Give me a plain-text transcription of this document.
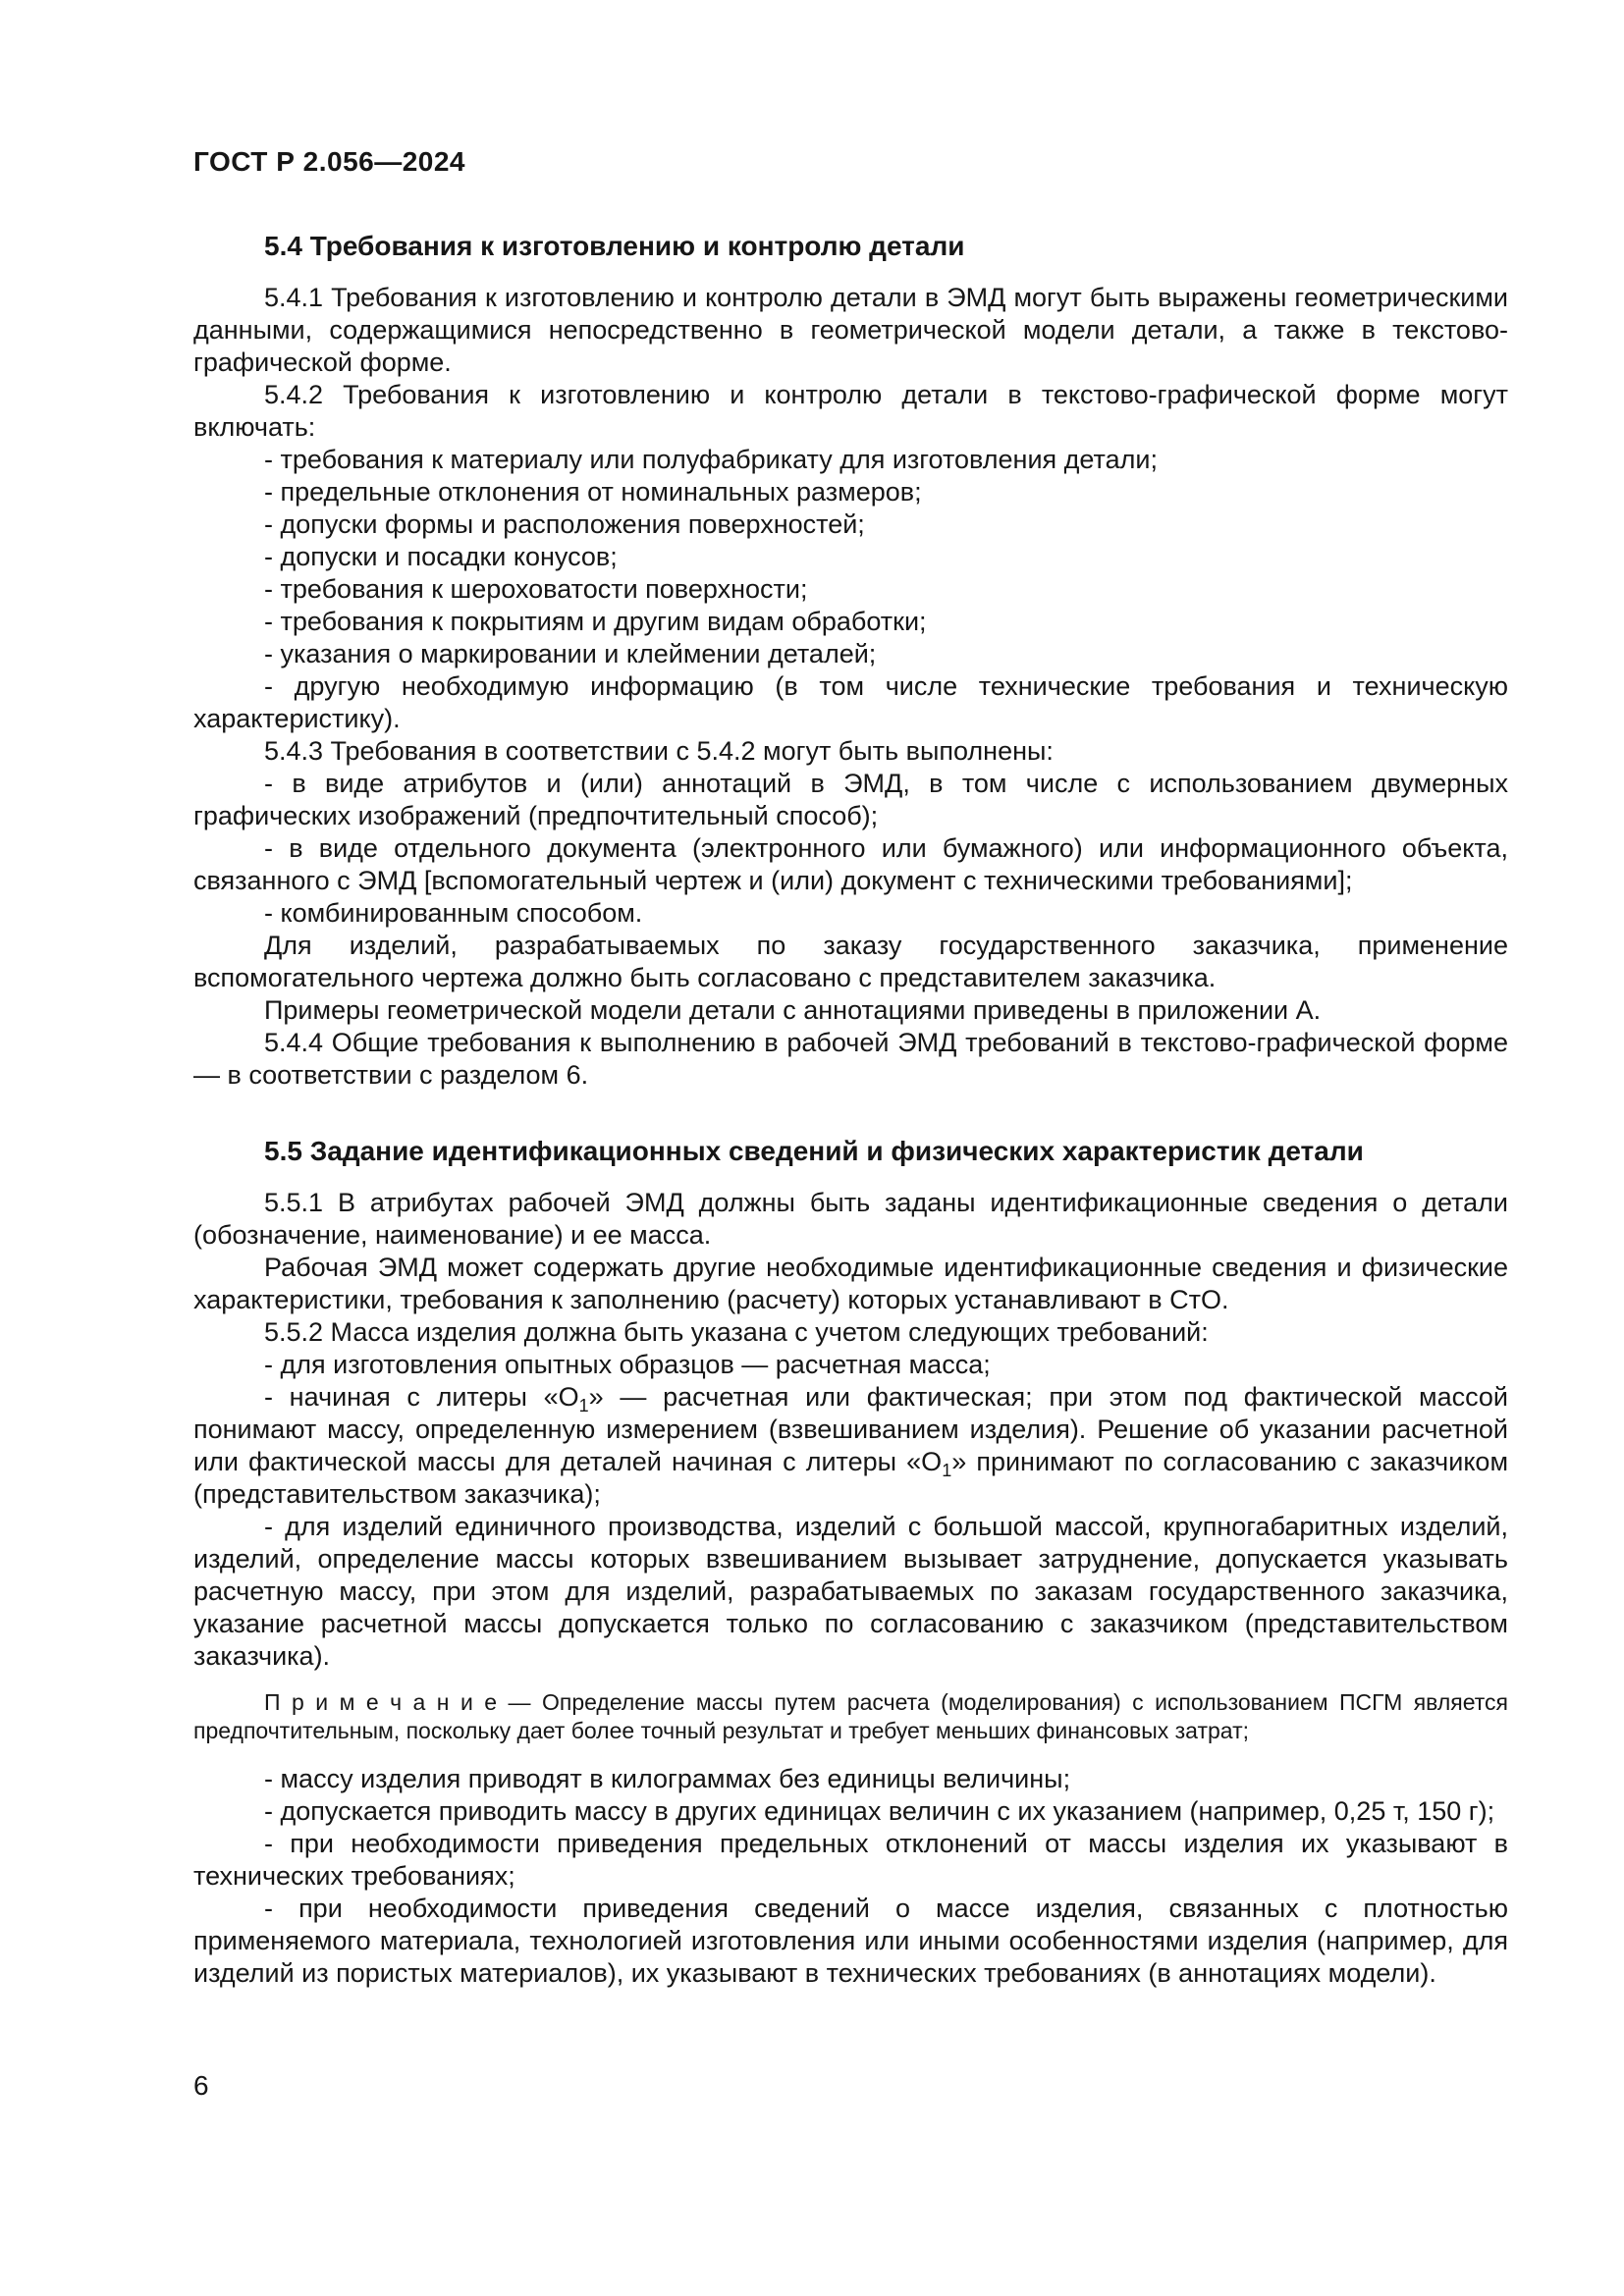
ГОСТ Р 2.056—2024
5.4 Требования к изготовлению и контролю детали

5.4.1 Требования к изготовлению и контролю детали в ЭМД могут быть выражены геометрическими данными, содержащимися непосредственно в геометрической модели детали, а также в текстово-графической форме.

5.4.2 Требования к изготовлению и контролю детали в текстово-графической форме могут включать:

- требования к материалу или полуфабрикату для изготовления детали;

- предельные отклонения от номинальных размеров;

- допуски формы и расположения поверхностей;

- допуски и посадки конусов;

- требования к шероховатости поверхности;

- требования к покрытиям и другим видам обработки;

- указания о маркировании и клеймении деталей;

- другую необходимую информацию (в том числе технические требования и техническую характеристику).

5.4.3 Требования в соответствии с 5.4.2 могут быть выполнены:

- в виде атрибутов и (или) аннотаций в ЭМД, в том числе с использованием двумерных графических изображений (предпочтительный способ);

- в виде отдельного документа (электронного или бумажного) или информационного объекта, связанного с ЭМД [вспомогательный чертеж и (или) документ с техническими требованиями];

- комбинированным способом.

Для изделий, разрабатываемых по заказу государственного заказчика, применение вспомогательного чертежа должно быть согласовано с представителем заказчика.

Примеры геометрической модели детали с аннотациями приведены в приложении А.

5.4.4 Общие требования к выполнению в рабочей ЭМД требований в текстово-графической форме — в соответствии с разделом 6.

5.5 Задание идентификационных сведений и физических характеристик детали

5.5.1 В атрибутах рабочей ЭМД должны быть заданы идентификационные сведения о детали (обозначение, наименование) и ее масса.

Рабочая ЭМД может содержать другие необходимые идентификационные сведения и физические характеристики, требования к заполнению (расчету) которых устанавливают в СтО.

5.5.2 Масса изделия должна быть указана с учетом следующих требований:

- для изготовления опытных образцов — расчетная масса;

- начиная с литеры «$О_1$» — расчетная или фактическая; при этом под фактической массой понимают массу, определенную измерением (взвешиванием изделия). Решение об указании расчетной или фактической массы для деталей начиная с литеры «$О_1$» принимают по согласованию с заказчиком (представительством заказчика);

- для изделий единичного производства, изделий с большой массой, крупногабаритных изделий, изделий, определение массы которых взвешиванием вызывает затруднение, допускается указывать расчетную массу, при этом для изделий, разрабатываемых по заказам государственного заказчика, указание расчетной массы допускается только по согласованию с заказчиком (представительством заказчика).

П р и м е ч а н и е — Определение массы путем расчета (моделирования) с использованием ПСГМ является предпочтительным, поскольку дает более точный результат и требует меньших финансовых затрат;

- массу изделия приводят в килограммах без единицы величины;

- допускается приводить массу в других единицах величин с их указанием (например, 0,25 т, 150 г);

- при необходимости приведения предельных отклонений от массы изделия их указывают в технических требованиях;

- при необходимости приведения сведений о массе изделия, связанных с плотностью применяемого материала, технологией изготовления или иными особенностями изделия (например, для изделий из пористых материалов), их указывают в технических требованиях (в аннотациях модели).

6
